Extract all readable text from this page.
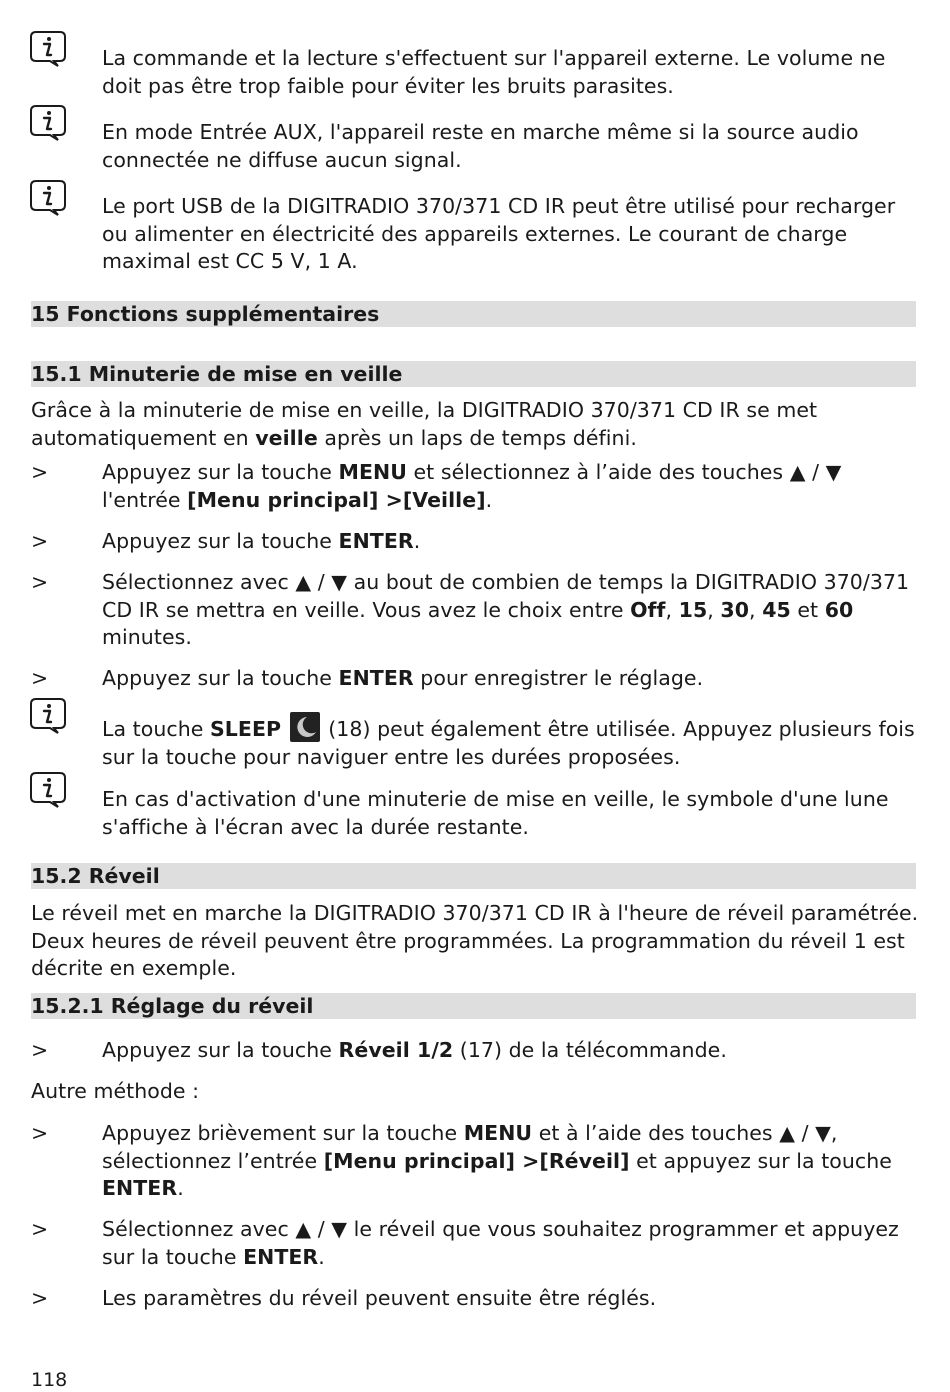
La commande et la lecture s'effectuent sur l'appareil externe. Le volume ne doit pas être trop faible pour éviter les bruits parasites.
En mode Entrée AUX, l'appareil reste en marche même si la source audio connectée ne diffuse aucun signal.
Le port USB de la DIGITRADIO 370/371 CD IR peut être utilisé pour recharger ou alimenter en électricité des appareils externes. Le courant de charge maximal est CC 5 V, 1 A.
15 Fonctions supplémentaires
15.1 Minuterie de mise en veille
Grâce à la minuterie de mise en veille, la DIGITRADIO 370/371 CD IR se met automatiquement en veille après un laps de temps défini.
>	Appuyez sur la touche MENU et sélectionnez à l’aide des touches ▲ / ▼ l'entrée [Menu principal] >[Veille].
>	Appuyez sur la touche ENTER.
>	Sélectionnez avec ▲ / ▼ au bout de combien de temps la DIGITRADIO 370/371 CD IR se mettra en veille. Vous avez le choix entre Off, 15, 30, 45 et 60 minutes.
>	Appuyez sur la touche ENTER pour enregistrer le réglage.
La touche SLEEP
(18) peut également être utilisée. Appuyez plusieurs fois sur la touche pour naviguer entre les durées proposées.
En cas d'activation d'une minuterie de mise en veille, le symbole d'une lune s'affiche à l'écran avec la durée restante.
15.2 Réveil
Le réveil met en marche la DIGITRADIO 370/371 CD IR à l'heure de réveil paramétrée. Deux heures de réveil peuvent être programmées. La programmation du réveil 1 est décrite en exemple.
15.2.1 Réglage du réveil
>	Appuyez sur la touche Réveil 1/2 (17) de la télécommande.
Autre méthode :
>	Appuyez brièvement sur la touche MENU et à l’aide des touches ▲ / ▼, sélectionnez l’entrée [Menu principal] >[Réveil] et appuyez sur la touche ENTER.
>	Sélectionnez avec ▲ / ▼ le réveil que vous souhaitez programmer et appuyez sur la touche ENTER.
>	Les paramètres du réveil peuvent ensuite être réglés.
118
